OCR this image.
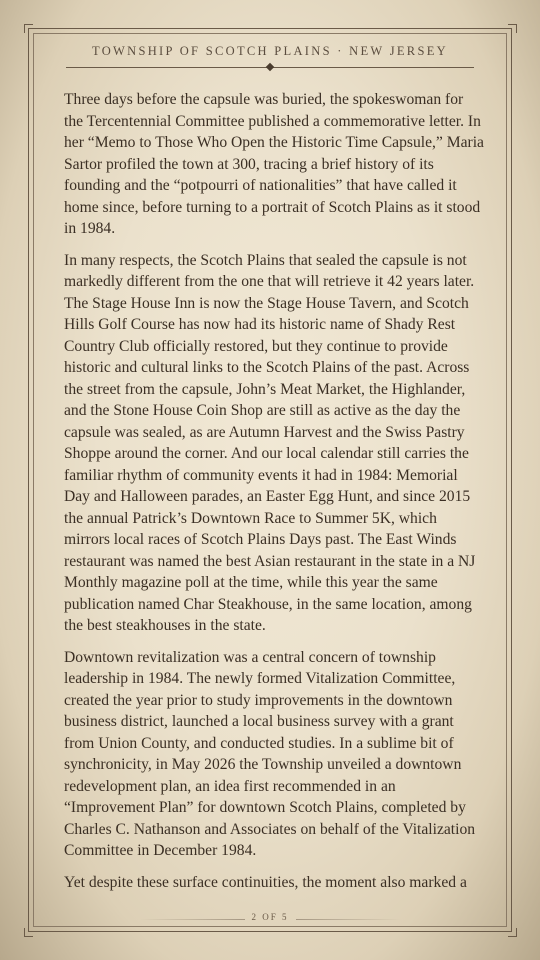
TOWNSHIP OF SCOTCH PLAINS · NEW JERSEY

Three days before the capsule was buried, the spokeswoman for the Tercentennial Committee published a commemorative letter. In her “Memo to Those Who Open the Historic Time Capsule,” Maria Sartor profiled the town at 300, tracing a brief history of its founding and the “potpourri of nationalities” that have called it home since, before turning to a portrait of Scotch Plains as it stood in 1984.

In many respects, the Scotch Plains that sealed the capsule is not markedly different from the one that will retrieve it 42 years later. The Stage House Inn is now the Stage House Tavern, and Scotch Hills Golf Course has now had its historic name of Shady Rest Country Club officially restored, but they continue to provide historic and cultural links to the Scotch Plains of the past. Across the street from the capsule, John’s Meat Market, the Highlander, and the Stone House Coin Shop are still as active as the day the capsule was sealed, as are Autumn Harvest and the Swiss Pastry Shoppe around the corner. And our local calendar still carries the familiar rhythm of community events it had in 1984: Memorial Day and Halloween parades, an Easter Egg Hunt, and since 2015 the annual Patrick’s Downtown Race to Summer 5K, which mirrors local races of Scotch Plains Days past. The East Winds restaurant was named the best Asian restaurant in the state in a NJ Monthly magazine poll at the time, while this year the same publication named Char Steakhouse, in the same location, among the best steakhouses in the state.

Downtown revitalization was a central concern of township leadership in 1984. The newly formed Vitalization Committee, created the year prior to study improvements in the downtown business district, launched a local business survey with a grant from Union County, and conducted studies. In a sublime bit of synchronicity, in May 2026 the Township unveiled a downtown redevelopment plan, an idea first recommended in an “Improvement Plan” for downtown Scotch Plains, completed by Charles C. Nathanson and Associates on behalf of the Vitalization Committee in December 1984.

Yet despite these surface continuities, the moment also marked a

2 OF 5
